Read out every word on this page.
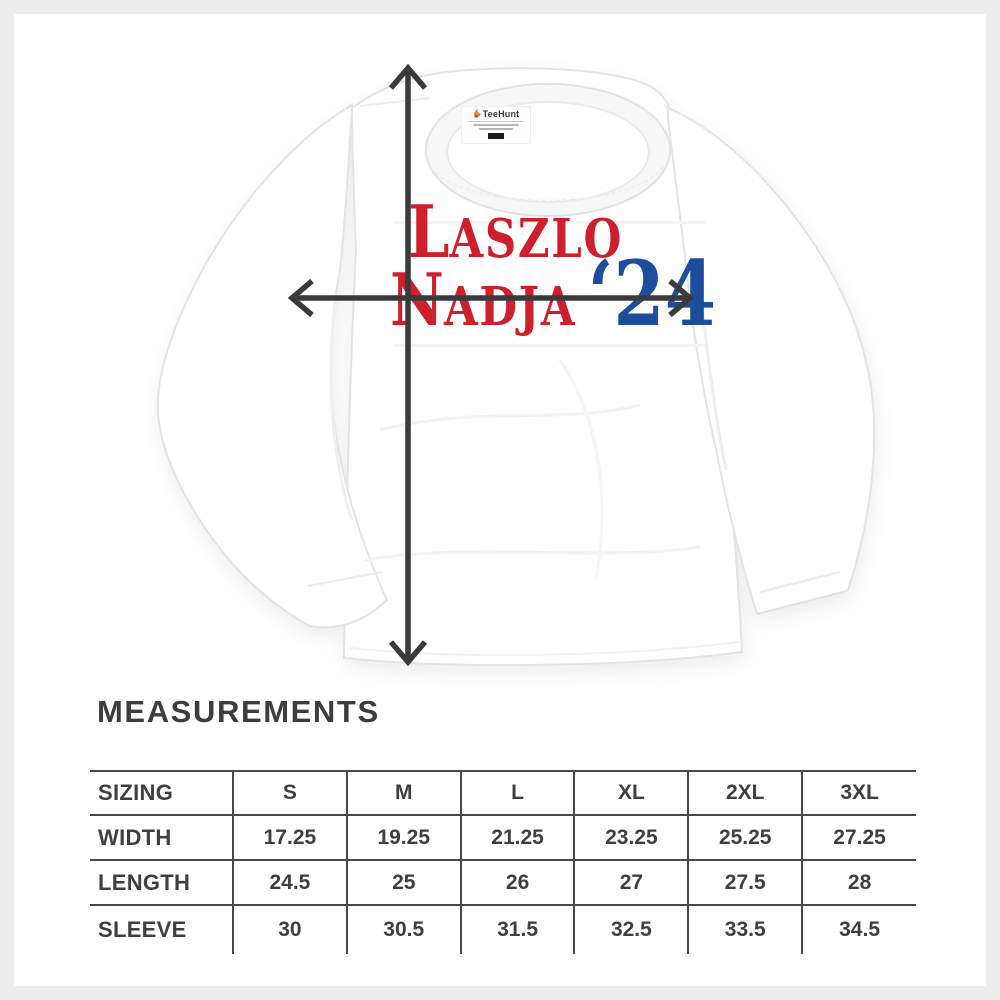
TeeHunt
LASZLO
NADJA ‘24
MEASUREMENTS
SIZING	S	M	L	XL	2XL	3XL
WIDTH	17.25	19.25	21.25	23.25	25.25	27.25
LENGTH	24.5	25	26	27	27.5	28
SLEEVE	30	30.5	31.5	32.5	33.5	34.5
